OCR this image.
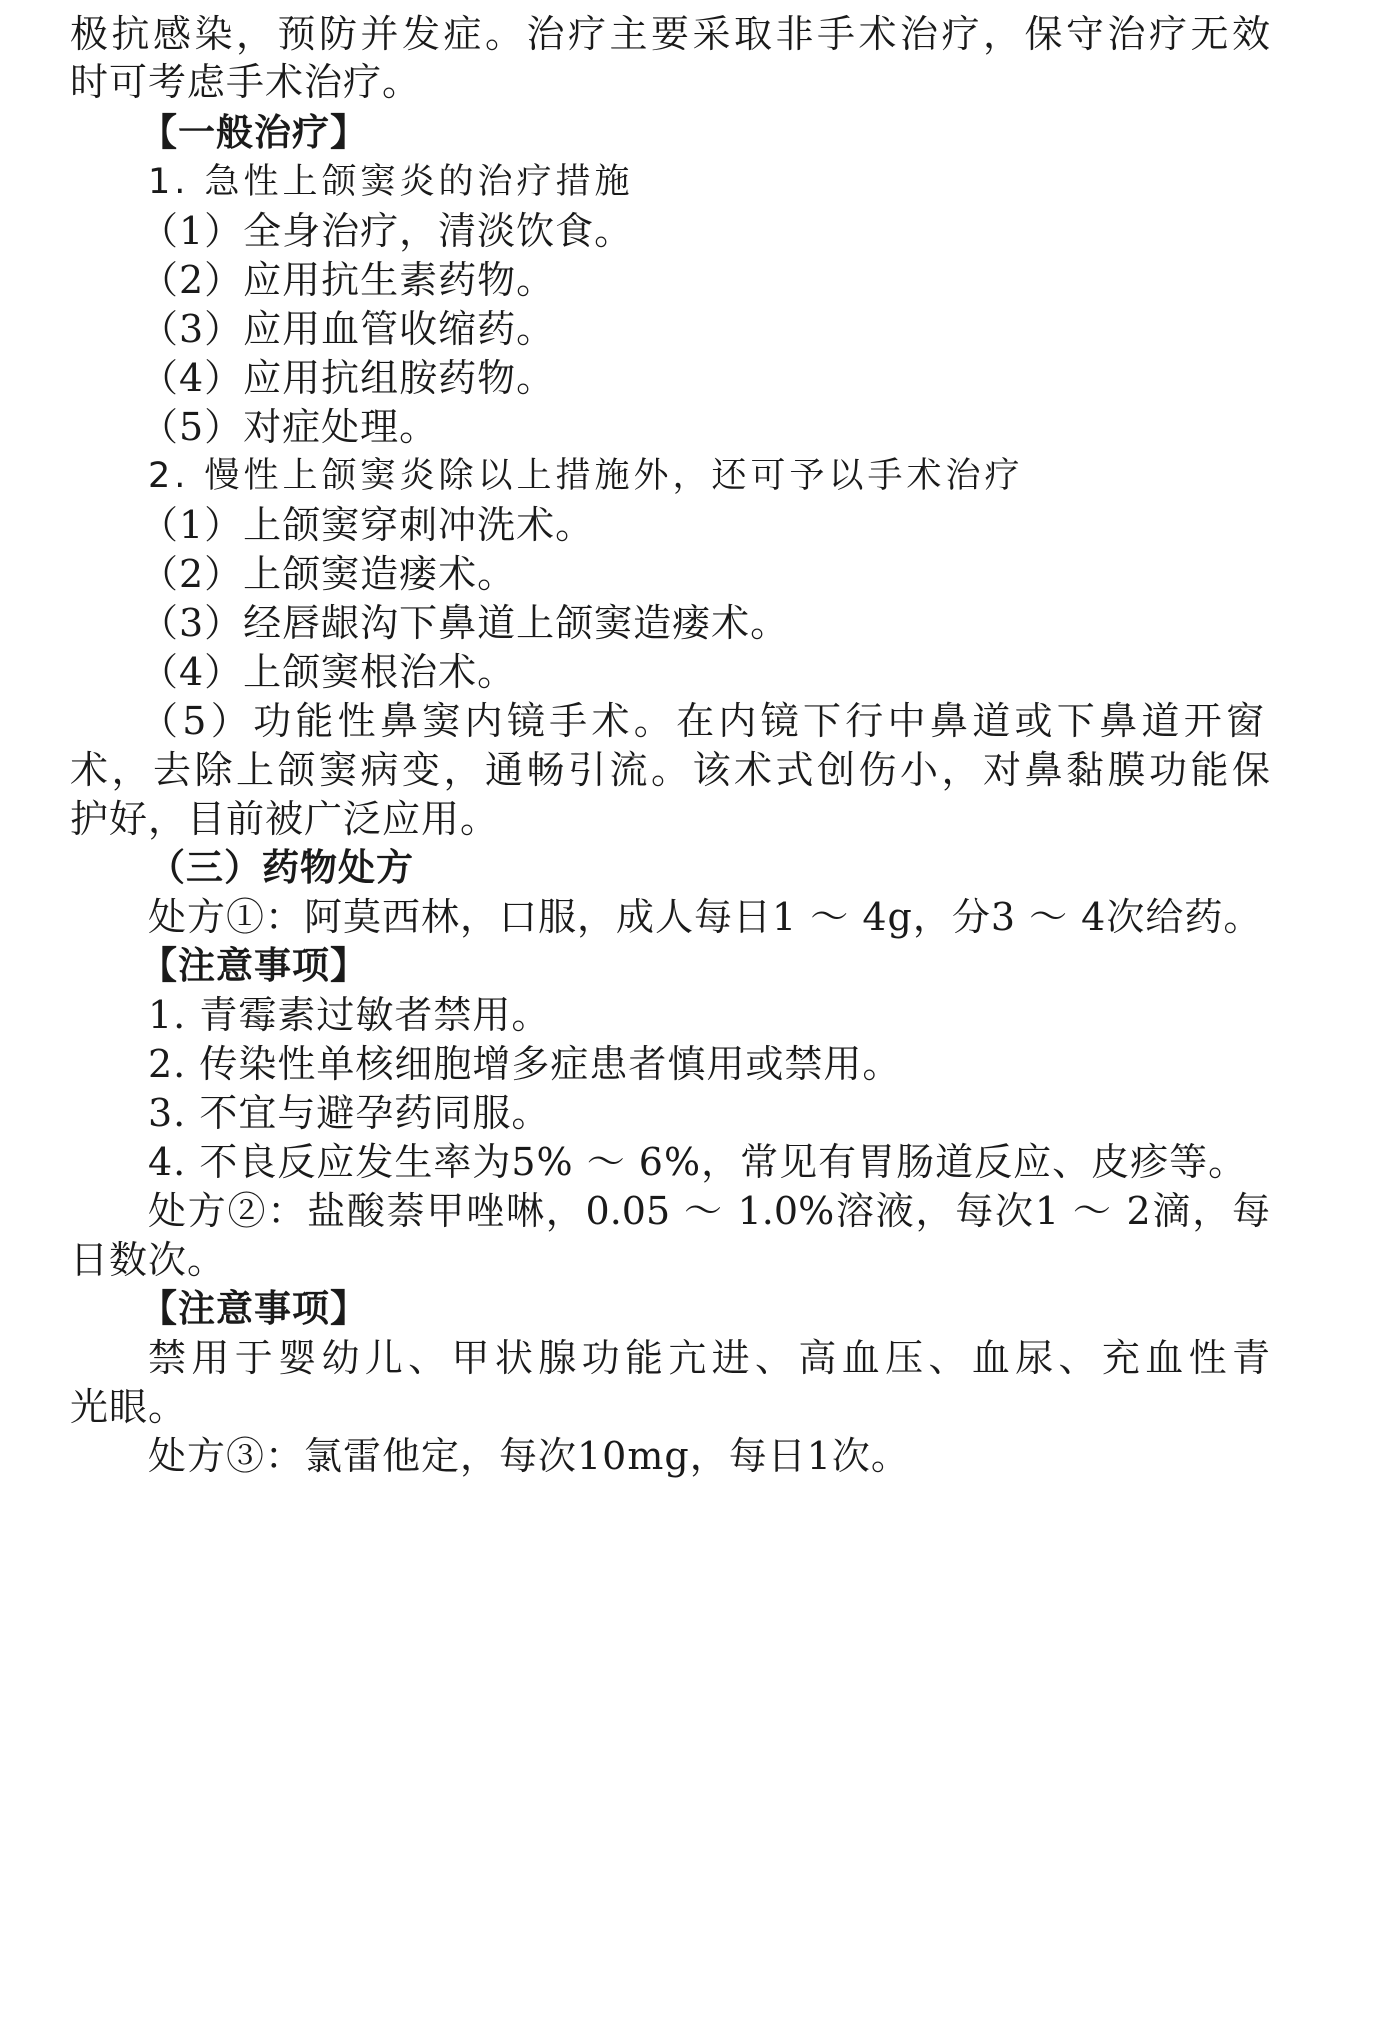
极抗感染，预防并发症。治疗主要采取非手术治疗，保守治疗无效
时可考虑手术治疗。
【一般治疗】
1. 急性上颌窦炎的治疗措施
（1）全身治疗，清淡饮食。
（2）应用抗生素药物。
（3）应用血管收缩药。
（4）应用抗组胺药物。
（5）对症处理。
2. 慢性上颌窦炎除以上措施外，还可予以手术治疗
（1）上颌窦穿刺冲洗术。
（2）上颌窦造瘘术。
（3）经唇龈沟下鼻道上颌窦造瘘术。
（4）上颌窦根治术。
（5）功能性鼻窦内镜手术。在内镜下行中鼻道或下鼻道开窗
术，去除上颌窦病变，通畅引流。该术式创伤小，对鼻黏膜功能保
护好，目前被广泛应用。
（三）药物处方
处方①：阿莫西林，口服，成人每日1 ～ 4g，分3 ～ 4次给药。
【注意事项】
1. 青霉素过敏者禁用。
2. 传染性单核细胞增多症患者慎用或禁用。
3. 不宜与避孕药同服。
4. 不良反应发生率为5% ～ 6%，常见有胃肠道反应、皮疹等。
处方②：盐酸萘甲唑啉，0.05 ～ 1.0%溶液，每次1 ～ 2滴，每
日数次。
【注意事项】
禁用于婴幼儿、甲状腺功能亢进、高血压、血尿、充血性青
光眼。
处方③：氯雷他定，每次10mg，每日1次。
